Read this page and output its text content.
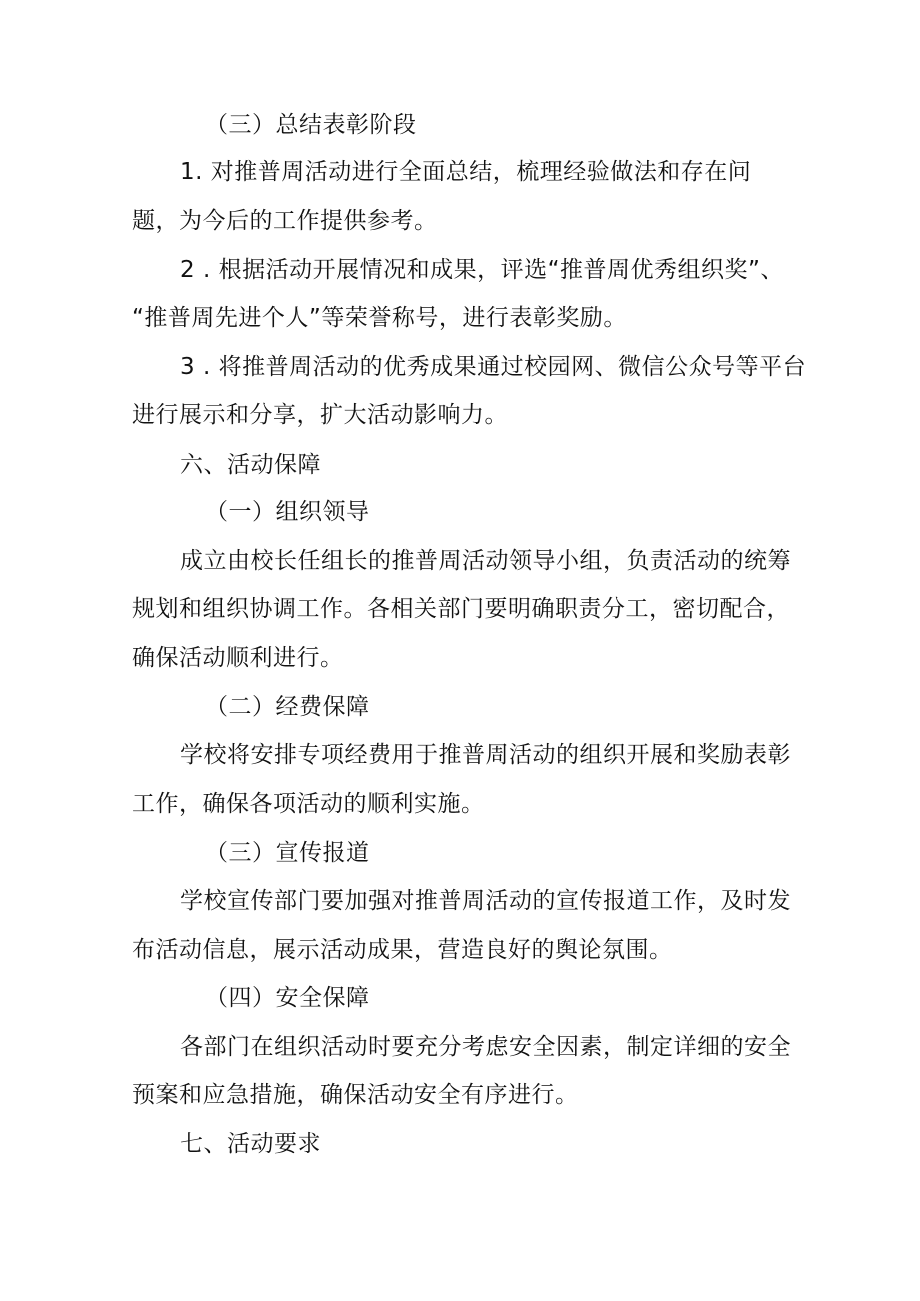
（三）总结表彰阶段
1. 对推普周活动进行全面总结，梳理经验做法和存在问
题，为今后的工作提供参考。
2 . 根据活动开展情况和成果，评选“推普周优秀组织奖”、
“推普周先进个人”等荣誉称号，进行表彰奖励。
3 . 将推普周活动的优秀成果通过校园网、微信公众号等平台
进行展示和分享，扩大活动影响力。
六、活动保障
（一）组织领导
成立由校长任组长的推普周活动领导小组，负责活动的统筹
规划和组织协调工作。各相关部门要明确职责分工，密切配合，
确保活动顺利进行。
（二）经费保障
学校将安排专项经费用于推普周活动的组织开展和奖励表彰
工作，确保各项活动的顺利实施。
（三）宣传报道
学校宣传部门要加强对推普周活动的宣传报道工作，及时发
布活动信息，展示活动成果，营造良好的舆论氛围。
（四）安全保障
各部门在组织活动时要充分考虑安全因素，制定详细的安全
预案和应急措施，确保活动安全有序进行。
七、活动要求
